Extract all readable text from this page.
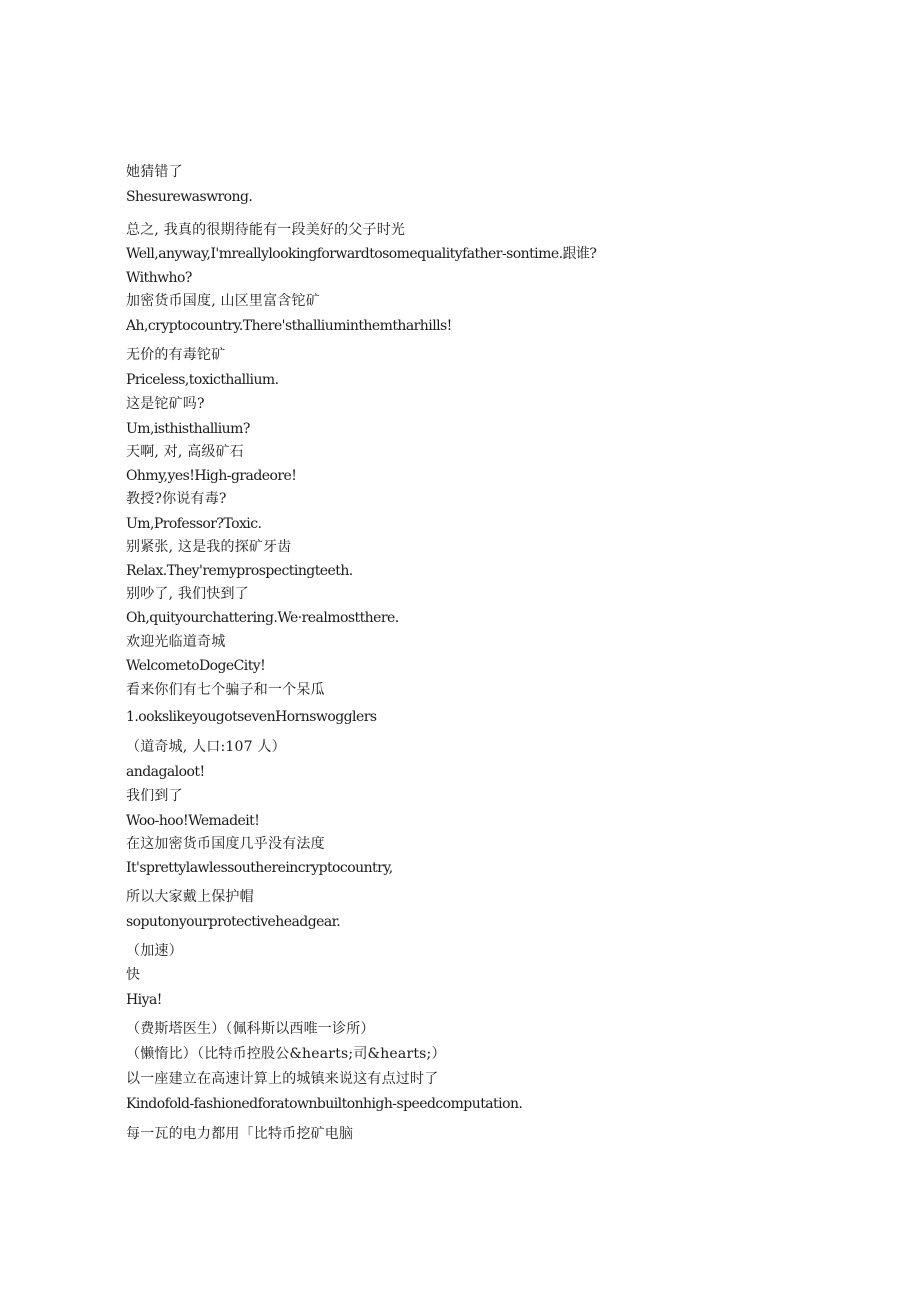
她猜错了
Shesurewaswrong.
总之, 我真的很期待能有一段美好的父子时光
Well,anyway,I'mreallylookingforwardtosomequalityfather-sontime.跟谁?
Withwho?
加密货币国度, 山区里富含铊矿
Ah,cryptocountry.There'sthalliuminthemtharhills!
无价的有毒铊矿
Priceless,toxicthallium.
这是铊矿吗?
Um,isthisthallium?
天啊, 对, 高级矿石
Ohmy,yes!High-gradeore!
教授?你说有毒?
Um,Professor?Toxic.
别紧张, 这是我的探矿牙齿
Relax.They'remyprospectingteeth.
别吵了, 我们快到了
Oh,quityourchattering.We·realmostthere.
欢迎光临道奇城
WelcometoDogeCity!
看来你们有七个骗子和一个呆瓜
1.ookslikeyougotsevenHornswogglers
（道奇城, 人口:107 人）
andagaloot!
我们到了
Woo-hoo!Wemadeit!
在这加密货币国度几乎没有法度
It'sprettylawlessouthereincryptocountry,
所以大家戴上保护帽
soputonyourprotectiveheadgear.
（加速）
快
Hiya!
（费斯塔医生）（佩科斯以西唯一诊所）
（懒惰比）（比特币控股公&hearts;司&hearts;）
以一座建立在高速计算上的城镇来说这有点过时了
Kindofold-fashionedforatownbuiltonhigh-speedcomputation.
每一瓦的电力都用「比特币挖矿电脑
